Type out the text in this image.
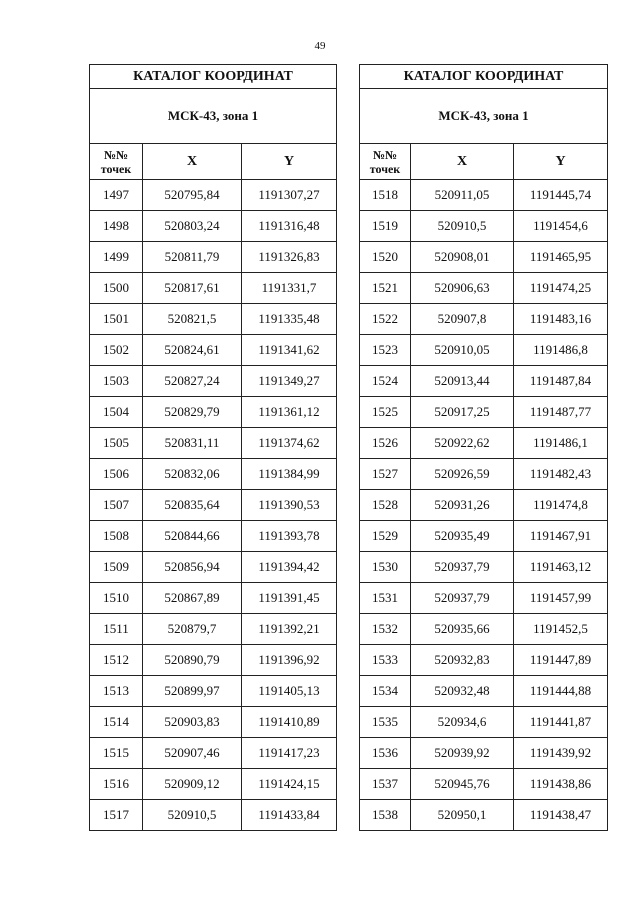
49
КАТАЛОГ КООРДИНАТ		
МСК-43, зона 1		

№№
точек	X	Y
1497	520795,84	1191307,27
1498	520803,24	1191316,48
1499	520811,79	1191326,83
1500	520817,61	1191331,7
1501	520821,5	1191335,48
1502	520824,61	1191341,62
1503	520827,24	1191349,27
1504	520829,79	1191361,12
1505	520831,11	1191374,62
1506	520832,06	1191384,99
1507	520835,64	1191390,53
1508	520844,66	1191393,78
1509	520856,94	1191394,42
1510	520867,89	1191391,45
1511	520879,7	1191392,21
1512	520890,79	1191396,92
1513	520899,97	1191405,13
1514	520903,83	1191410,89
1515	520907,46	1191417,23
1516	520909,12	1191424,15
1517	520910,5	1191433,84
КАТАЛОГ КООРДИНАТ		
МСК-43, зона 1		

№№
точек	X	Y
1518	520911,05	1191445,74
1519	520910,5	1191454,6
1520	520908,01	1191465,95
1521	520906,63	1191474,25
1522	520907,8	1191483,16
1523	520910,05	1191486,8
1524	520913,44	1191487,84
1525	520917,25	1191487,77
1526	520922,62	1191486,1
1527	520926,59	1191482,43
1528	520931,26	1191474,8
1529	520935,49	1191467,91
1530	520937,79	1191463,12
1531	520937,79	1191457,99
1532	520935,66	1191452,5
1533	520932,83	1191447,89
1534	520932,48	1191444,88
1535	520934,6	1191441,87
1536	520939,92	1191439,92
1537	520945,76	1191438,86
1538	520950,1	1191438,47
